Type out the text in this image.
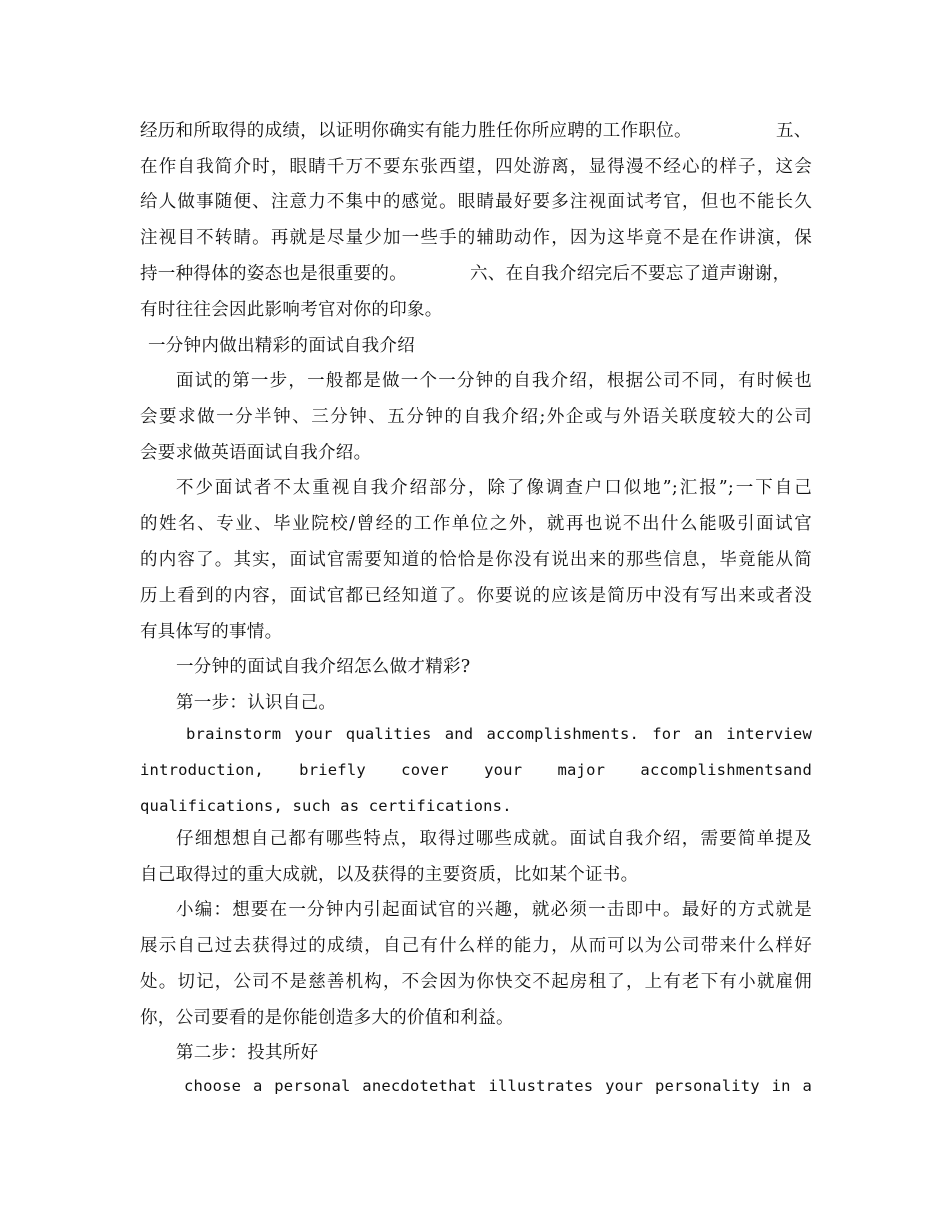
经历和所取得的成绩，以证明你确实有能力胜任你所应聘的工作职位。	五、
在作自我简介时，眼睛千万不要东张西望，四处游离，显得漫不经心的样子，这会
给人做事随便、注意力不集中的感觉。眼睛最好要多注视面试考官，但也不能长久
注视目不转睛。再就是尽量少加一些手的辅助动作，因为这毕竟不是在作讲演，保
持一种得体的姿态也是很重要的。	六、在自我介绍完后不要忘了道声谢谢，
有时往往会因此影响考官对你的印象。
一分钟内做出精彩的面试自我介绍
面试的第一步，一般都是做一个一分钟的自我介绍，根据公司不同，有时候也
会要求做一分半钟、三分钟、五分钟的自我介绍;外企或与外语关联度较大的公司
会要求做英语面试自我介绍。
不少面试者不太重视自我介绍部分，除了像调查户口似地”;汇报”;一下自己
的姓名、专业、毕业院校/曾经的工作单位之外，就再也说不出什么能吸引面试官
的内容了。其实，面试官需要知道的恰恰是你没有说出来的那些信息，毕竟能从简
历上看到的内容，面试官都已经知道了。你要说的应该是简历中没有写出来或者没
有具体写的事情。
一分钟的面试自我介绍怎么做才精彩?
第一步：认识自己。
brainstorm your qualities and accomplishments. for an interview
introduction, briefly cover your major accomplishmentsand
qualifications, such as certifications.
仔细想想自己都有哪些特点，取得过哪些成就。面试自我介绍，需要简单提及
自己取得过的重大成就，以及获得的主要资质，比如某个证书。
小编：想要在一分钟内引起面试官的兴趣，就必须一击即中。最好的方式就是
展示自己过去获得过的成绩，自己有什么样的能力，从而可以为公司带来什么样好
处。切记，公司不是慈善机构，不会因为你快交不起房租了，上有老下有小就雇佣
你，公司要看的是你能创造多大的价值和利益。
第二步：投其所好
choose a personal anecdotethat illustrates your personality in a
